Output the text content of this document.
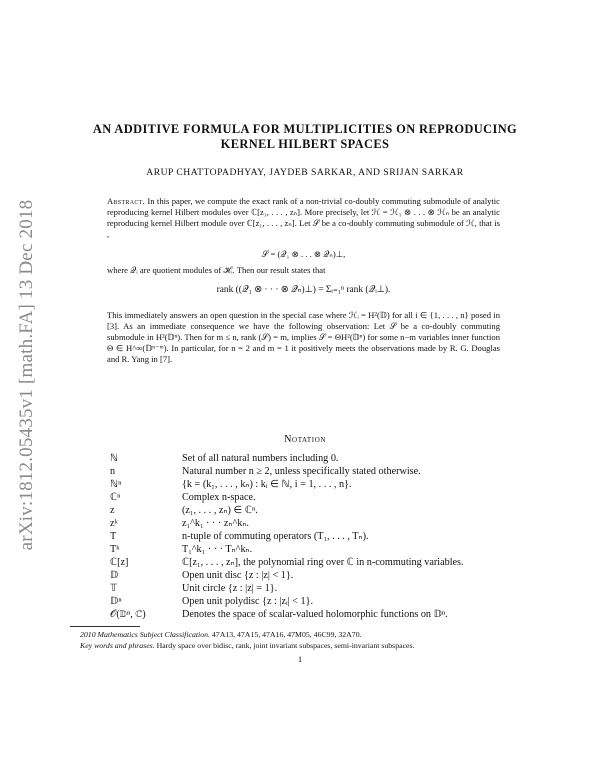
arXiv:1812.05435v1 [math.FA] 13 Dec 2018
AN ADDITIVE FORMULA FOR MULTIPLICITIES ON REPRODUCING
KERNEL HILBERT SPACES
ARUP CHATTOPADHYAY, JAYDEB SARKAR, AND SRIJAN SARKAR

Abstract. In this paper, we compute the exact rank of a non-trivial co-doubly commuting submodule of analytic reproducing kernel Hilbert modules over ℂ[z₁, . . . , zₙ]. More precisely, let ℋ = ℋ₁ ⊗ . . . ⊗ ℋₙ be an analytic reproducing kernel Hilbert module over ℂ[z₁, . . . , zₙ]. Let 𝒮 be a co-doubly commuting submodule of ℋ, that is ,

𝒮 = (𝒬₁ ⊗ . . . ⊗ 𝒬ₙ)⊥,
where 𝒬ᵢ are quotient modules of ℋᵢ. Then our result states that
rank ((𝒬₁ ⊗ · · · ⊗ 𝒬ₙ)⊥) = Σᵢ₌₁ⁿ rank (𝒬ᵢ⊥).
This immediately answers an open question in the special case where ℋᵢ = H²(𝔻) for all i ∈ {1, . . . , n} posed in [3]. As an immediate consequence we have the following observation: Let 𝒮 be a co-doubly commuting submodule in H²(𝔻ⁿ). Then for m ≤ n, rank (𝒮) = m, implies 𝒮 = ΘH²(𝔻ⁿ) for some n−m variables inner function Θ ∈ H^∞(𝔻ⁿ⁻ᵐ). In particular, for n = 2 and m = 1 it positively meets the observations made by R. G. Douglas and R. Yang in [7].
Notation
ℕ	Set of all natural numbers including 0.
n	Natural number n ≥ 2, unless specifically stated otherwise.
ℕⁿ	{k = (k₁, . . . , kₙ) : kᵢ ∈ ℕ, i = 1, . . . , n}.
ℂⁿ	Complex n-space.
z	(z₁, . . . , zₙ) ∈ ℂⁿ.
zᵏ	z₁^k₁ · · · zₙ^kₙ.
T	n-tuple of commuting operators (T₁, . . . , Tₙ).
Tᵏ	T₁^k₁ · · · Tₙ^kₙ.
ℂ[z]	ℂ[z₁, . . . , zₙ], the polynomial ring over ℂ in n-commuting variables.
𝔻	Open unit disc {z : |z| < 1}.
𝕋	Unit circle {z : |z| = 1}.
𝔻ⁿ	Open unit polydisc {z : |zᵢ| < 1}.
𝒪(𝔻ⁿ, ℂ)	Denotes the space of scalar-valued holomorphic functions on 𝔻ⁿ.
2010 Mathematics Subject Classification. 47A13, 47A15, 47A16, 47M05, 46C99, 32A70.
Key words and phrases. Hardy space over bidisc, rank, joint invariant subspaces, semi-invariant subspaces.
1
